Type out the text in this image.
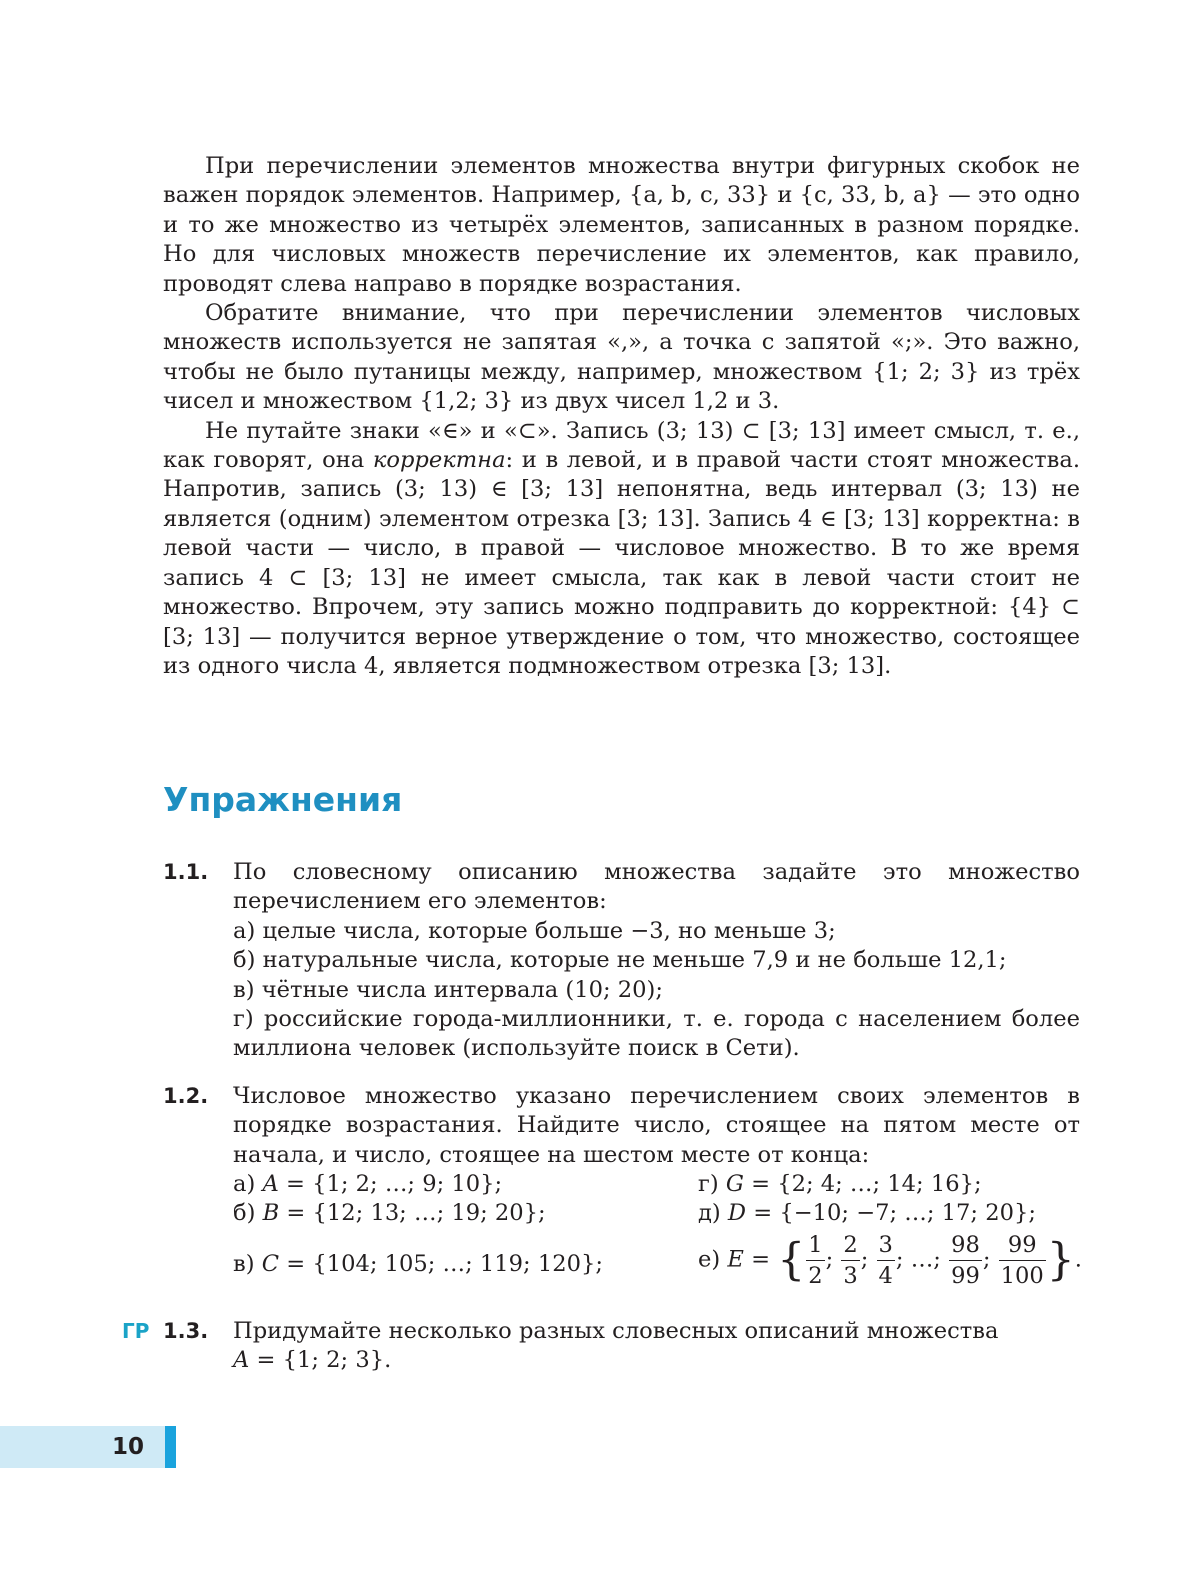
При перечислении элементов множества внутри фигурных скобок не важен порядок элементов. Например, {a, b, c, 33} и {c, 33, b, a} — это одно и то же множество из четырёх элементов, записанных в разном порядке. Но для числовых множеств перечисление их элементов, как правило, проводят слева направо в порядке возрастания.

Обратите внимание, что при перечислении элементов числовых множеств используется не запятая «,», а точка с запятой «;». Это важно, чтобы не было путаницы между, например, множеством {1; 2; 3} из трёх чисел и множеством {1,2; 3} из двух чисел 1,2 и 3.

Не путайте знаки «∈» и «⊂». Запись (3; 13) ⊂ [3; 13] имеет смысл, т. е., как говорят, она корректна: и в левой, и в правой части стоят множества. Напротив, запись (3; 13) ∈ [3; 13] непонятна, ведь интервал (3; 13) не является (одним) элементом отрезка [3; 13]. Запись 4 ∈ [3; 13] корректна: в левой части — число, в правой — числовое множество. В то же время запись 4 ⊂ [3; 13] не имеет смысла, так как в левой части стоит не множество. Впрочем, эту запись можно подправить до корректной: {4} ⊂ [3; 13] — получится верное утверждение о том, что множество, состоящее из одного числа 4, является подмножеством отрезка [3; 13].

Упражнения
1.1. По словесному описанию множества задайте это множество перечислением его элементов:
а) целые числа, которые больше −3, но меньше 3;
б) натуральные числа, которые не меньше 7,9 и не больше 12,1;
в) чётные числа интервала (10; 20);
г) российские города-миллионники, т. е. города с населением более миллиона человек (используйте поиск в Сети).
1.2. Числовое множество указано перечислением своих элементов в порядке возрастания. Найдите число, стоящее на пятом месте от начала, и число, стоящее на шестом месте от конца:
а) A = {1; 2; …; 9; 10};
б) B = {12; 13; …; 19; 20};
в) C = {104; 105; …; 119; 120};
г) G = {2; 4; …; 14; 16};
д) D = {−10; −7; …; 17; 20};
е) E = { $\frac{1}{2}$ ; $\frac{2}{3}$ ; $\frac{3}{4}$ ; …; $\frac{98}{99}$ ; $\frac{99}{100}$ }.
ГР 1.3. Придумайте несколько разных словесных описаний множества
A = {1; 2; 3}.
10
